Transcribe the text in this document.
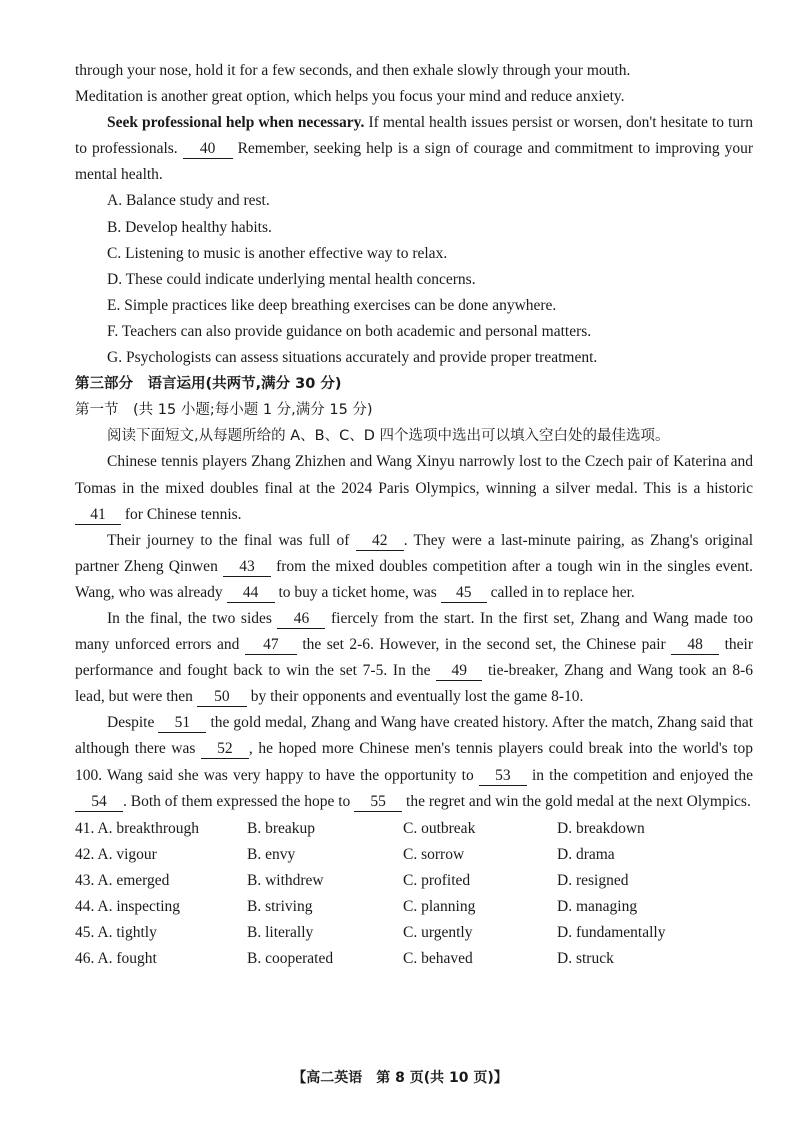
through your nose, hold it for a few seconds, and then exhale slowly through your mouth.

Meditation is another great option, which helps you focus your mind and reduce anxiety.

Seek professional help when necessary. If mental health issues persist or worsen, don't hesitate to turn to professionals. 40 Remember, seeking help is a sign of courage and commitment to improving your mental health.

A. Balance study and rest.
B. Develop healthy habits.
C. Listening to music is another effective way to relax.
D. These could indicate underlying mental health concerns.
E. Simple practices like deep breathing exercises can be done anywhere.
F. Teachers can also provide guidance on both academic and personal matters.
G. Psychologists can assess situations accurately and provide proper treatment.

第三部分　语言运用(共两节,满分 30 分)

第一节　(共 15 小题;每小题 1 分,满分 15 分)

阅读下面短文,从每题所给的 A、B、C、D 四个选项中选出可以填入空白处的最佳选项。

Chinese tennis players Zhang Zhizhen and Wang Xinyu narrowly lost to the Czech pair of Katerina and Tomas in the mixed doubles final at the 2024 Paris Olympics, winning a silver medal. This is a historic 41 for Chinese tennis.

Their journey to the final was full of 42 . They were a last-minute pairing, as Zhang's original partner Zheng Qinwen 43 from the mixed doubles competition after a tough win in the singles event. Wang, who was already 44 to buy a ticket home, was 45 called in to replace her.

In the final, the two sides 46 fiercely from the start. In the first set, Zhang and Wang made too many unforced errors and 47 the set 2-6. However, in the second set, the Chinese pair 48 their performance and fought back to win the set 7-5. In the 49 tie-breaker, Zhang and Wang took an 8-6 lead, but were then 50 by their opponents and eventually lost the game 8-10.

Despite 51 the gold medal, Zhang and Wang have created history. After the match, Zhang said that although there was 52 , he hoped more Chinese men's tennis players could break into the world's top 100. Wang said she was very happy to have the opportunity to 53 in the competition and enjoyed the 54 . Both of them expressed the hope to 55 the regret and win the gold medal at the next Olympics.

41. A. breakthrough	B. breakup	C. outbreak	D. breakdown
42. A. vigour	B. envy	C. sorrow	D. drama
43. A. emerged	B. withdrew	C. profited	D. resigned
44. A. inspecting	B. striving	C. planning	D. managing
45. A. tightly	B. literally	C. urgently	D. fundamentally
46. A. fought	B. cooperated	C. behaved	D. struck
【高二英语　第 8 页(共 10 页)】
